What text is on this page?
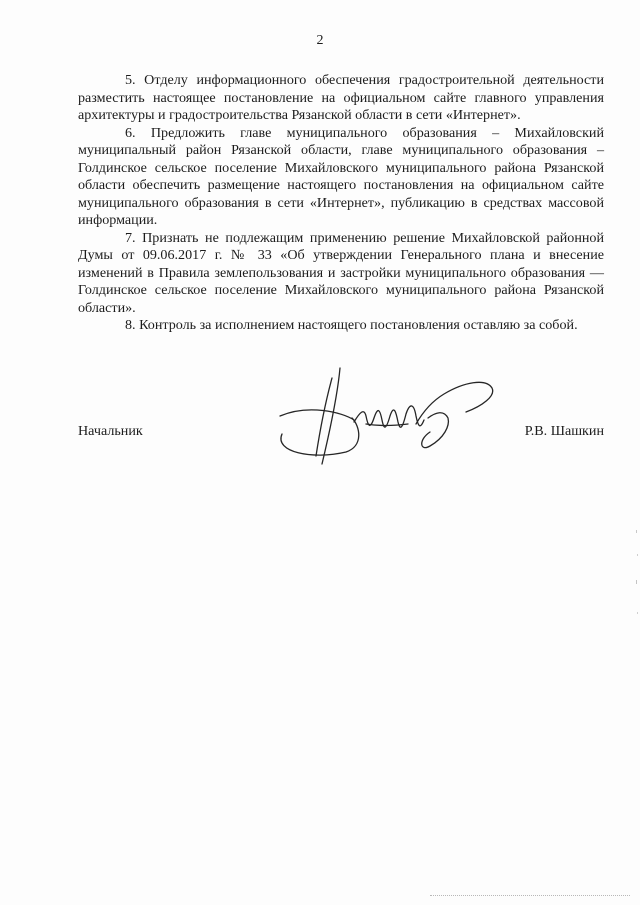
2

5. Отделу информационного обеспечения градостроительной деятельности разместить настоящее постановление на официальном сайте главного управления архитектуры и градостроительства Рязанской области в сети «Интернет».

6. Предложить главе муниципального образования – Михайловский муниципальный район Рязанской области, главе муниципального образования – Голдинское сельское поселение Михайловского муниципального района Рязанской области обеспечить размещение настоящего постановления на официальном сайте муниципального образования в сети «Интернет», публикацию в средствах массовой информации.

7. Признать не подлежащим применению решение Михайловской районной Думы от 09.06.2017 г. № 33 «Об утверждении Генерального плана и внесение изменений в Правила землепользования и застройки муниципального образования — Голдинское сельское поселение Михайловского муниципального района Рязанской области».

8. Контроль за исполнением настоящего постановления оставляю за собой.

Начальник	Р.В. Шашкин
